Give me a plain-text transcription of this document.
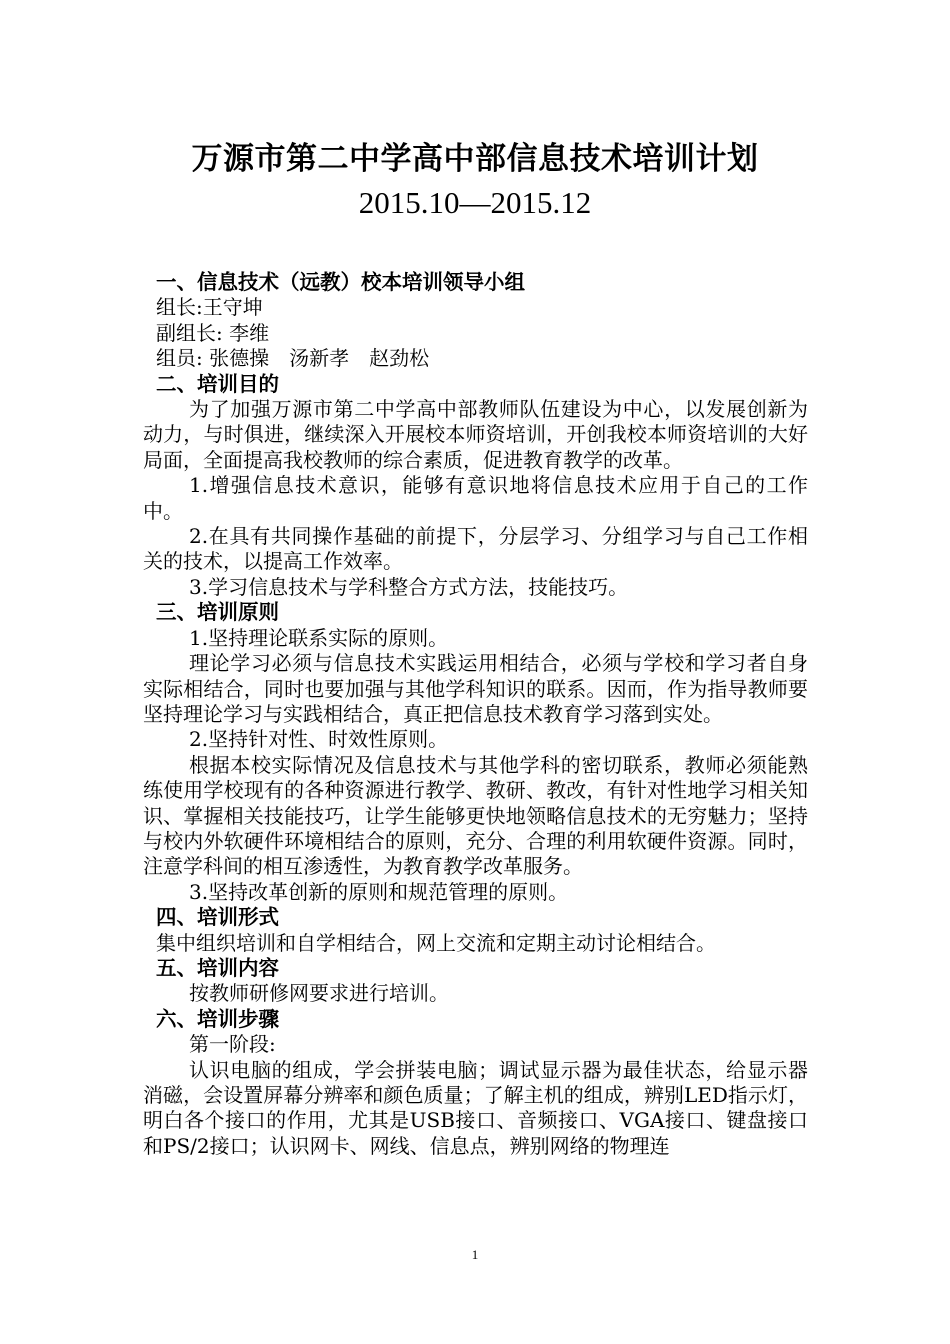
万源市第二中学高中部信息技术培训计划
2015.10—2015.12
一、信息技术（远教）校本培训领导小组
组长:王守坤
副组长: 李维
组员: 张德操　汤新孝　赵劲松
二、培训目的
为了加强万源市第二中学高中部教师队伍建设为中心，以发展创新为动力，与时俱进，继续深入开展校本师资培训，开创我校本师资培训的大好局面，全面提高我校教师的综合素质，促进教育教学的改革。
1.增强信息技术意识，能够有意识地将信息技术应用于自己的工作中。
2.在具有共同操作基础的前提下，分层学习、分组学习与自己工作相关的技术，以提高工作效率。
3.学习信息技术与学科整合方式方法，技能技巧。
三、培训原则
1.坚持理论联系实际的原则。
理论学习必须与信息技术实践运用相结合，必须与学校和学习者自身实际相结合，同时也要加强与其他学科知识的联系。因而，作为指导教师要坚持理论学习与实践相结合，真正把信息技术教育学习落到实处。
2.坚持针对性、时效性原则。
根据本校实际情况及信息技术与其他学科的密切联系，教师必须能熟练使用学校现有的各种资源进行教学、教研、教改，有针对性地学习相关知识、掌握相关技能技巧，让学生能够更快地领略信息技术的无穷魅力；坚持与校内外软硬件环境相结合的原则，充分、合理的利用软硬件资源。同时，注意学科间的相互渗透性，为教育教学改革服务。
3.坚持改革创新的原则和规范管理的原则。
四、培训形式
集中组织培训和自学相结合，网上交流和定期主动讨论相结合。
五、培训内容
按教师研修网要求进行培训。
六、培训步骤
第一阶段:
认识电脑的组成，学会拼装电脑；调试显示器为最佳状态，给显示器消磁，会设置屏幕分辨率和颜色质量；了解主机的组成，辨别LED指示灯，明白各个接口的作用，尤其是USB接口、音频接口、VGA接口、键盘接口和PS/2接口；认识网卡、网线、信息点，辨别网络的物理连
1
